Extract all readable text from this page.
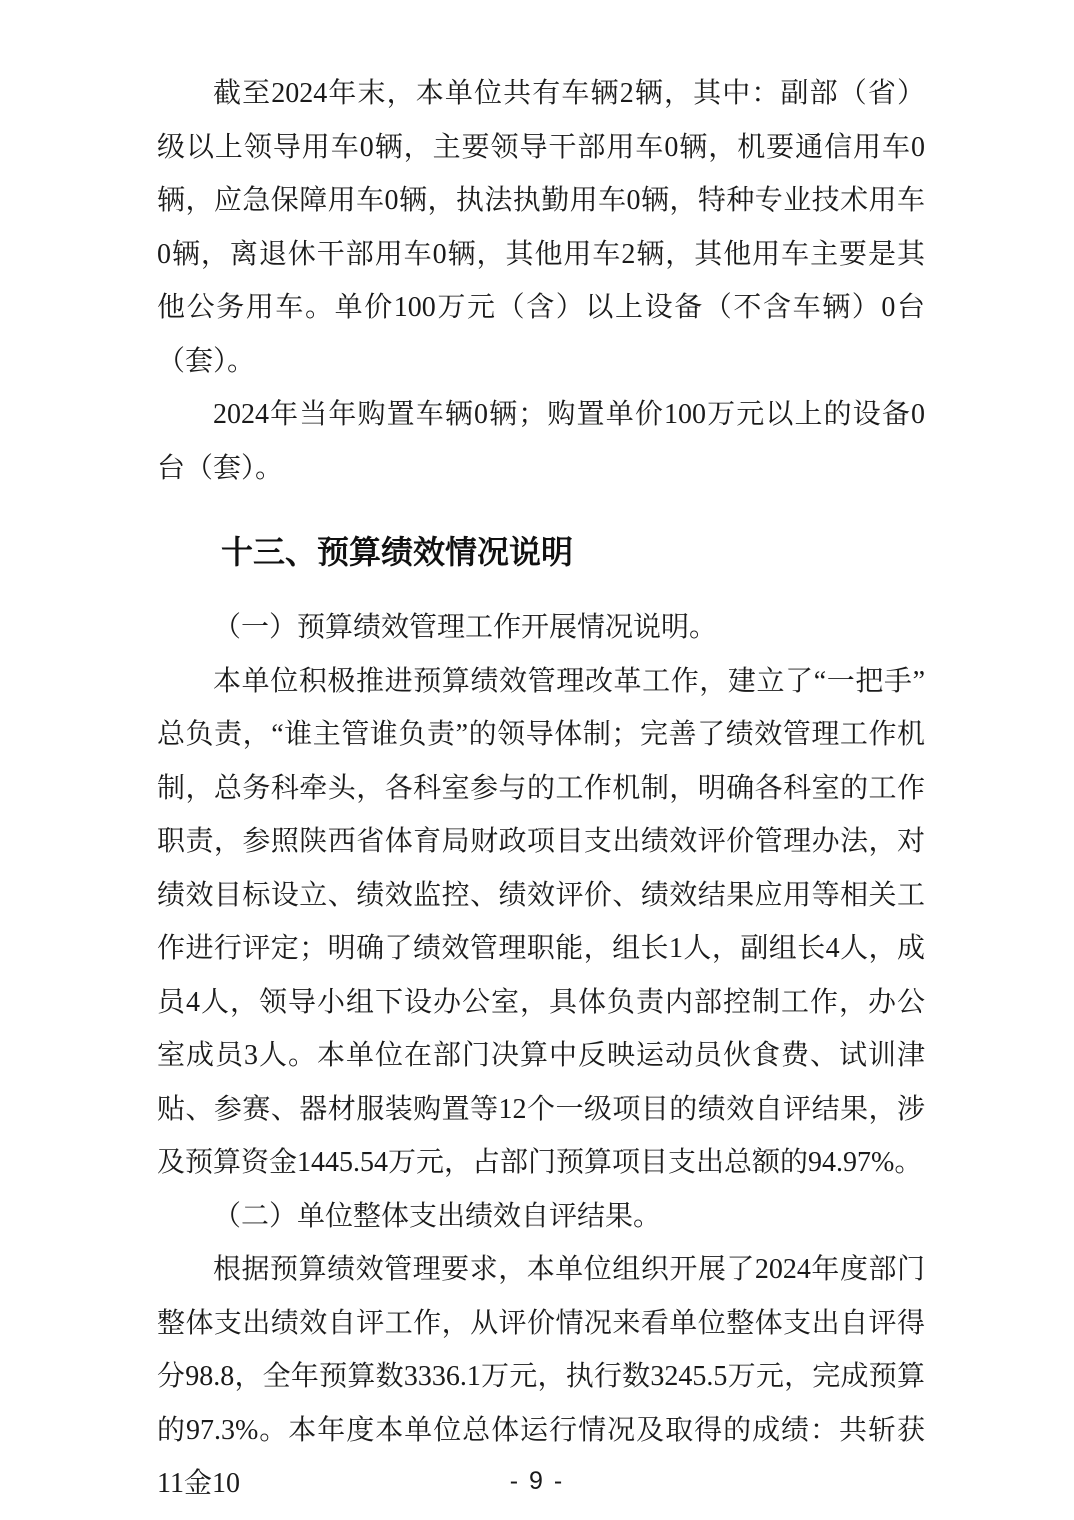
截至2024年末，本单位共有车辆2辆，其中：副部（省）级以上领导用车0辆，主要领导干部用车0辆，机要通信用车0辆，应急保障用车0辆，执法执勤用车0辆，特种专业技术用车0辆，离退休干部用车0辆，其他用车2辆，其他用车主要是其他公务用车。单价100万元（含）以上设备（不含车辆）0台（套）。
2024年当年购置车辆0辆；购置单价100万元以上的设备0台（套）。
十三、预算绩效情况说明
（一）预算绩效管理工作开展情况说明。
本单位积极推进预算绩效管理改革工作，建立了“一把手”总负责，“谁主管谁负责”的领导体制；完善了绩效管理工作机制，总务科牵头，各科室参与的工作机制，明确各科室的工作职责，参照陕西省体育局财政项目支出绩效评价管理办法，对绩效目标设立、绩效监控、绩效评价、绩效结果应用等相关工作进行评定；明确了绩效管理职能，组长1人，副组长4人，成员4人，领导小组下设办公室，具体负责内部控制工作，办公室成员3人。本单位在部门决算中反映运动员伙食费、试训津贴、参赛、器材服装购置等12个一级项目的绩效自评结果，涉及预算资金1445.54万元，占部门预算项目支出总额的94.97%。
（二）单位整体支出绩效自评结果。
根据预算绩效管理要求，本单位组织开展了2024年度部门整体支出绩效自评工作，从评价情况来看单位整体支出自评得分98.8，全年预算数3336.1万元，执行数3245.5万元，完成预算的97.3%。本年度本单位总体运行情况及取得的成绩：共斩获11金10	- 9 -
